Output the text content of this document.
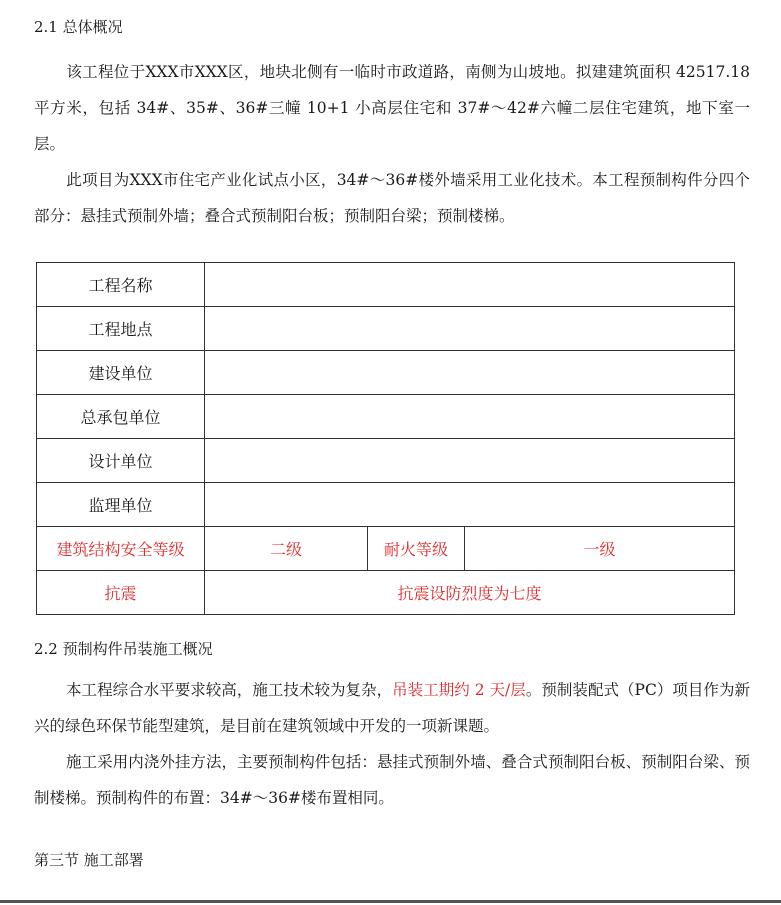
2.1 总体概况

该工程位于XXX市XXX区，地块北侧有一临时市政道路，南侧为山坡地。拟建建筑面积 42517.18 平方米，包括 34#、35#、36#三幢 10+1 小高层住宅和 37#～42#六幢二层住宅建筑，地下室一层。

此项目为XXX市住宅产业化试点小区，34#～36#楼外墙采用工业化技术。本工程预制构件分四个部分：悬挂式预制外墙；叠合式预制阳台板；预制阳台梁；预制楼梯。

工程名称			
工程地点			
建设单位			
总承包单位			
设计单位			
监理单位			
建筑结构安全等级	二级	耐火等级	一级
抗震	抗震设防烈度为七度		
2.2 预制构件吊装施工概况

本工程综合水平要求较高，施工技术较为复杂，吊装工期约 2 天/层。预制装配式（PC）项目作为新兴的绿色环保节能型建筑，是目前在建筑领域中开发的一项新课题。

施工采用内浇外挂方法，主要预制构件包括：悬挂式预制外墙、叠合式预制阳台板、预制阳台梁、预制楼梯。预制构件的布置：34#～36#楼布置相同。

第三节 施工部署
